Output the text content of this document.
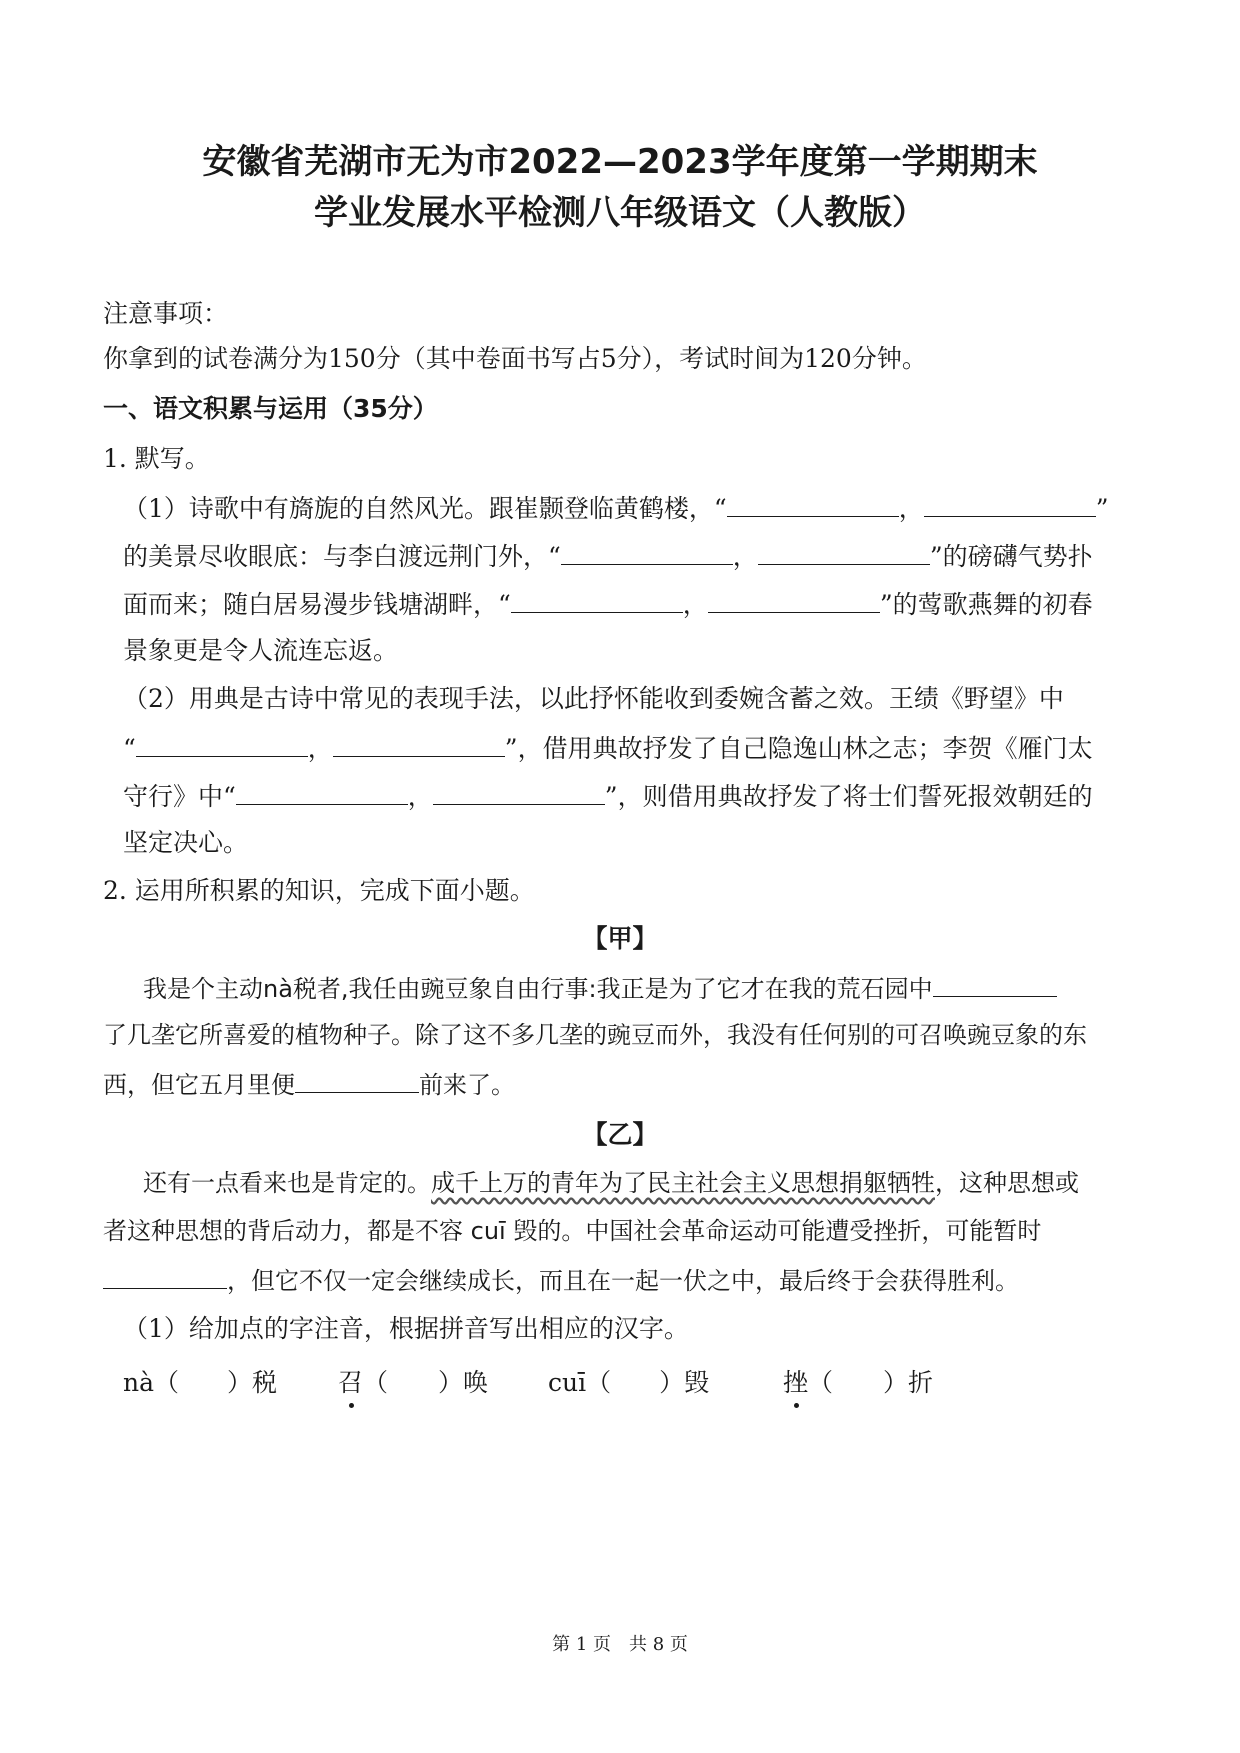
安徽省芜湖市无为市2022—2023学年度第一学期期末
学业发展水平检测八年级语文（人教版）
注意事项：
你拿到的试卷满分为150分（其中卷面书写占5分），考试时间为120分钟。
一、语文积累与运用（35分）
1. 默写。
（1）诗歌中有旖旎的自然风光。跟崔颢登临黄鹤楼，“	，	”
的美景尽收眼底：与李白渡远荆门外，“	，	”的磅礴气势扑
面而来；随白居易漫步钱塘湖畔，“	，	”的莺歌燕舞的初春
景象更是令人流连忘返。
（2）用典是古诗中常见的表现手法，以此抒怀能收到委婉含蓄之效。王绩《野望》中
“	，	”，借用典故抒发了自己隐逸山林之志；李贺《雁门太
守行》中“	，	”，则借用典故抒发了将士们誓死报效朝廷的
坚定决心。
2. 运用所积累的知识，完成下面小题。
【甲】
我是个主动nà税者,我任由豌豆象自由行事:我正是为了它才在我的荒石园中
了几垄它所喜爱的植物种子。除了这不多几垄的豌豆而外，我没有任何别的可召唤豌豆象的东
西，但它五月里便	前来了。
【乙】
还有一点看来也是肯定的。成千上万的青年为了民主社会主义思想捐躯牺牲，这种思想或
者这种思想的背后动力，都是不容 cuī 毁的。中国社会革命运动可能遭受挫折，可能暂时
，但它不仅一定会继续成长，而且在一起一伏之中，最后终于会获得胜利。
（1）给加点的字注音，根据拼音写出相应的汉字。
nà（ ）税 召（　　）唤 cuī（ ）毁	挫（　　）折
第 1 页　共 8 页
